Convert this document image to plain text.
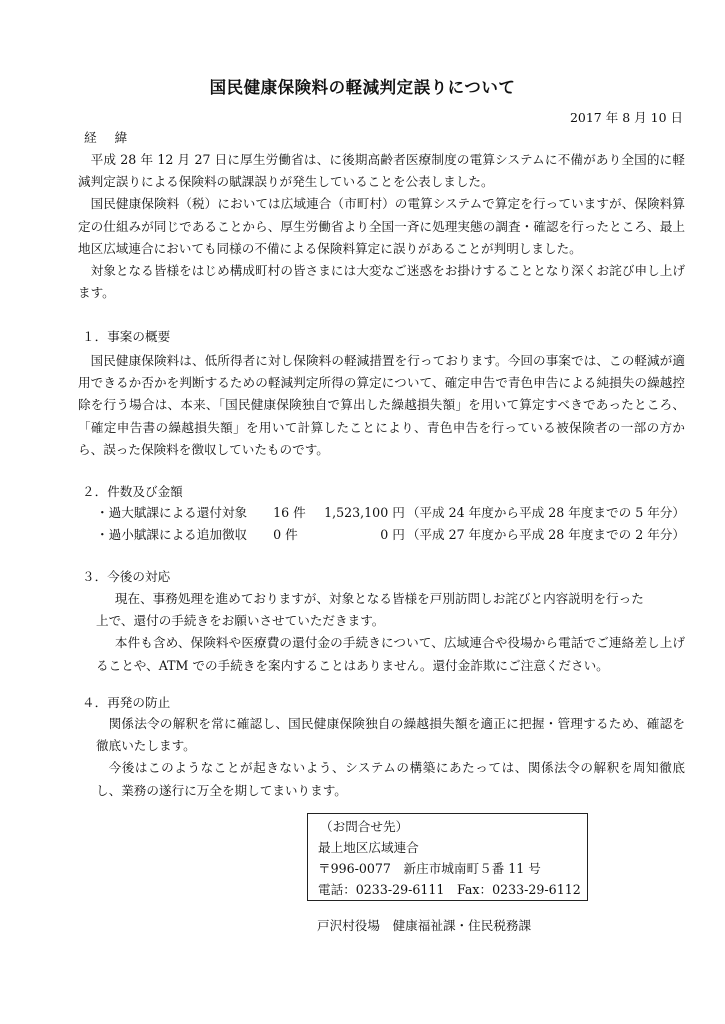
国民健康保険料の軽減判定誤りについて
2017 年 8 月 10 日
経緯

平成 28 年 12 月 27 日に厚生労働省は、に後期高齢者医療制度の電算システムに不備があり全国的に軽減判定誤りによる保険料の賦課誤りが発生していることを公表しました。

国民健康保険料（税）においては広域連合（市町村）の電算システムで算定を行っていますが、保険料算定の仕組みが同じであることから、厚生労働省より全国一斉に処理実態の調査・確認を行ったところ、最上地区広域連合においても同様の不備による保険料算定に誤りがあることが判明しました。

対象となる皆様をはじめ構成町村の皆さまには大変なご迷惑をお掛けすることとなり深くお詫び申し上げます。

１．事案の概要

国民健康保険料は、低所得者に対し保険料の軽減措置を行っております。今回の事案では、この軽減が適用できるか否かを判断するための軽減判定所得の算定について、確定申告で青色申告による純損失の繰越控除を行う場合は、本来、「国民健康保険独自で算出した繰越損失額」を用いて算定すべきであったところ、「確定申告書の繰越損失額」を用いて計算したことにより、青色申告を行っている被保険者の一部の方から、誤った保険料を徴収していたものです。

２．件数及び金額
・過大賦課による還付対象	16 件	1,523,100 円 （平成 24 年度から平成 28 年度までの 5 年分）
・過小賦課による追加徴収	0 件	0 円 （平成 27 年度から平成 28 年度までの 2 年分）
３．今後の対応

現在、事務処理を進めておりますが、対象となる皆様を戸別訪問しお詫びと内容説明を行った

上で、還付の手続きをお願いさせていただきます。

本件も含め、保険料や医療費の還付金の手続きについて、広域連合や役場から電話でご連絡差し上げることや、ATM での手続きを案内することはありません。還付金詐欺にご注意ください。

４．再発の防止

関係法令の解釈を常に確認し、国民健康保険独自の繰越損失額を適正に把握・管理するため、確認を徹底いたします。

今後はこのようなことが起きないよう、システムの構築にあたっては、関係法令の解釈を周知徹底し、業務の遂行に万全を期してまいります。

（お問合せ先）
最上地区広域連合
〒996-0077　新庄市城南町５番 11 号
電話：0233-29-6111　Fax：0233-29-6112
戸沢村役場　健康福祉課・住民税務課
